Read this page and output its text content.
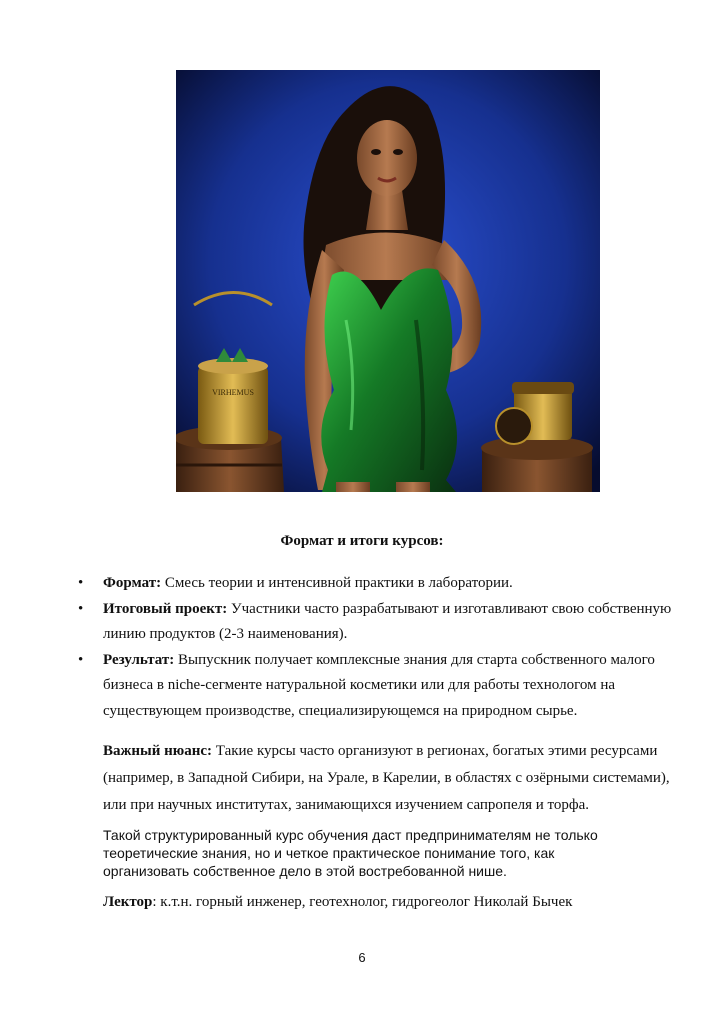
VIRHEMUS
Формат и итоги курсов:
• Формат: Смесь теории и интенсивной практики в лаборатории.
• Итоговый проект: Участники часто разрабатывают и изготавливают свою собственную линию продуктов (2-3 наименования).
• Результат: Выпускник получает комплексные знания для старта собственного малого бизнеса в niche-сегменте натуральной косметики или для работы технологом на существующем производстве, специализирующемся на природном сырье.
Важный нюанс: Такие курсы часто организуют в регионах, богатых этими ресурсами (например, в Западной Сибири, на Урале, в Карелии, в областях с озёрными системами), или при научных институтах, занимающихся изучением сапропеля и торфа.
Такой структурированный курс обучения даст предпринимателям не только теоретические знания, но и четкое практическое понимание того, как организовать собственное дело в этой востребованной нише.
Лектор: к.т.н. горный инженер, геотехнолог, гидрогеолог Николай Бычек
6
